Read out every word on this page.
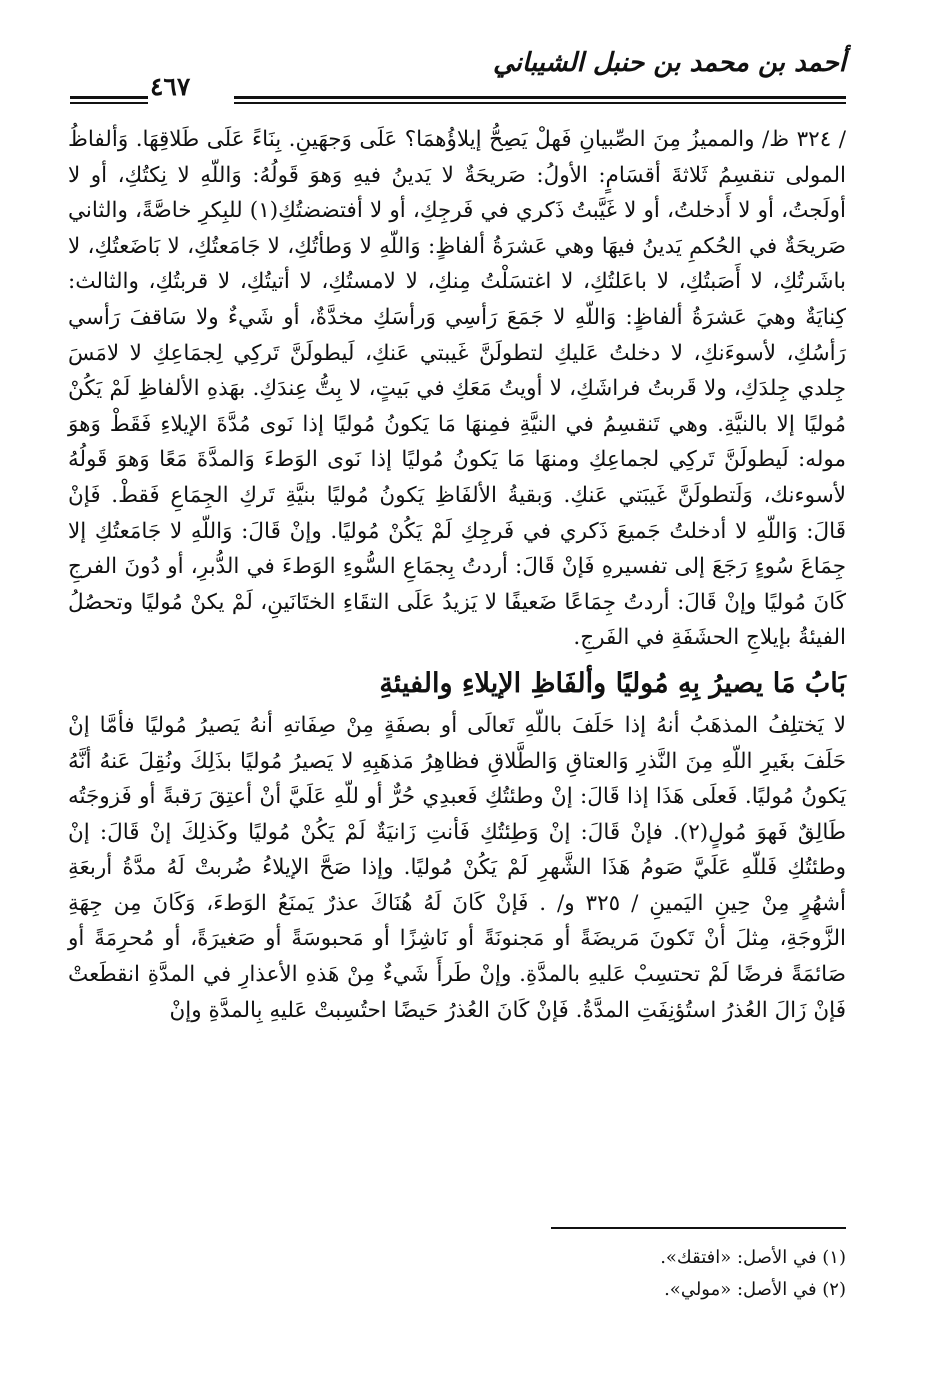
أحمد بن محمد بن حنبل الشيباني
٤٦٧

/ ٣٢٤ ظ/ والمميزُ مِنَ الصِّبيانِ فَهلْ يَصِحُّ إيلاؤُهمَا؟ عَلَى وَجهَينِ. بِنَاءً عَلَى طَلاقِهَا. وَألفاظُ المولى تنقسِمُ ثَلاثةَ أقسَامٍ: الأولُ: صَريحَةٌ لا يَدينُ فيهِ وَهوَ قَولُهُ: وَاللّهِ لا نِكتُكِ، أو لا أولَجتُ، أو لا أَدخلتُ، أو لا غَيَّبتُ ذَكري في فَرجِكِ، أو لا أفتضضتُكِ(١) للبِكرِ خاصَّةً، والثاني صَريحَةٌ في الحُكمِ يَدينُ فيهَا وهي عَشرَةُ ألفاظٍ: وَاللّهِ لا وَطأتُكِ، لا جَامَعتُكِ، لا بَاضَعتُكِ، لا باشَرتُكِ، لا أَصَبتُكِ، لا باعَلتُكِ، لا اغتسَلْتُ مِنكِ، لا لامستُكِ، لا أتيتُكِ، لا قربتُكِ، والثالث: كِنايَةٌ وهيَ عَشرَةُ ألفاظٍ: وَاللّهِ لا جَمَعَ رَأسِي وَرأسَكِ مخدَّةٌ، أو شَيءٌ ولا سَاقفَ رَأسي رَأسُكِ، لأسوءَنكِ، لا دخلتُ عَليكِ لتطولَنَّ غَيبتي عَنكِ، لَيطولَنَّ تَركِي لِجمَاعِكِ لا لامَسَ جِلدي جِلدَكِ، ولا قَربتُ فراشَكِ، لا أويتُ مَعَكِ في بَيتٍ، لا بِتُّ عِندَكِ. بهَذهِ الألفاظِ لَمْ يَكُنْ مُوليًا إلا بالنيَّةِ. وهي تَنقسِمُ في النيَّةِ فمِنهَا مَا يَكونُ مُوليًا إذا نَوى مُدَّةَ الإيلاءِ فَقَطْ وَهوَ موله: لَيطولَنَّ تَركِي لجماعِكِ ومنهَا مَا يَكونُ مُوليًا إذا نَوى الوَطءَ وَالمدَّةَ مَعًا وَهوَ قَولُهُ لأسوءنك، وَلَتطولَنَّ غَيبَتي عَنكِ. وَبقيةُ الألفَاظِ يَكونُ مُوليًا بنيَّةِ تَركِ الجِمَاعِ فَقطْ. فَإنْ قَالَ: وَاللّهِ لا أدخلتُ جَميعَ ذَكري في فَرجِكِ لَمْ يَكُنْ مُوليًا. وإنْ قَالَ: وَاللّهِ لا جَامَعتُكِ إلا جِمَاعَ سُوءٍ رَجَعَ إلى تفسيرهِ فَإنْ قَالَ: أردتُ بِجمَاعِ السُّوءِ الوَطءَ في الدُّبرِ، أو دُونَ الفرجِ كَانَ مُوليًا وإنْ قَالَ: أردتُ جِمَاعًا ضَعيفًا لا يَزيدُ عَلَى التقَاءِ الختَانَينِ، لَمْ يكنْ مُوليًا وتحصُلُ الفيئةُ بإيلاجِ الحشَفَةِ في الفَرجِ.

بَابُ مَا يصيرُ بِهِ مُوليًا وألفَاظِ الإيلاءِ والفيئةِ

لا يَختلِفُ المذهَبُ أنهُ إذا حَلَفَ باللّهِ تَعالَى أو بصفَةٍ مِنْ صِفَاتهِ أنهُ يَصيرُ مُوليًا فأمَّا إنْ حَلَفَ بغَيرِ اللّهِ مِنَ النَّذرِ وَالعتاقِ وَالطَّلاقِ فظاهِرُ مَذهَبِهِ لا يَصيرُ مُوليًا بذَلِكَ ونُقِلَ عَنهُ أنَّهُ يَكونُ مُوليًا. فَعلَى هَذَا إذا قَالَ: إنْ وطئتُكِ فَعبدِي حُرٌّ أو للّهِ عَلَيَّ أنْ أعتِقَ رَقبةً أو فَزوجَتُه طَالِقٌ فَهوَ مُولٍ(٢). فإنْ قَالَ: إنْ وَطِئتُكِ فَأنتِ زَانيَةٌ لَمْ يَكُنْ مُوليًا وكَذلِكَ إنْ قَالَ: إنْ وطئتُكِ فَللّهِ عَلَيَّ صَومُ هَذَا الشَّهرِ لَمْ يَكُنْ مُوليًا. وإذا صَحَّ الإيلاءُ ضُربتْ لَهُ مدَّةُ أربعَةِ أشهُرٍ مِنْ حِينِ اليَمينِ / ٣٢٥ و/ . فَإنْ كَانَ لَهُ هُنَاكَ عذرٌ يَمنَعُ الوَطءَ، وَكَانَ مِن جِهَةِ الزَّوجَةِ، مِثلَ أنْ تَكونَ مَريضَةً أو مَجنونَةً أو نَاشِزًا أو مَحبوسَةً أو صَغيرَةً، أو مُحرِمَةً أو صَائمَةً فرضًا لَمْ تحتسِبْ عَليهِ بالمدَّةِ. وإنْ طَرأَ شَيءٌ مِنْ هَذهِ الأعذارِ في المدَّةِ انقطَعتْ فَإنْ زَالَ العُذرُ استُؤنِفَتِ المدَّةُ. فَإنْ كَانَ العُذرُ حَيضًا احتُسِبتْ عَليهِ بِالمدَّةِ وإنْ

(١) في الأصل: «افتقك».

(٢) في الأصل: «مولي».
